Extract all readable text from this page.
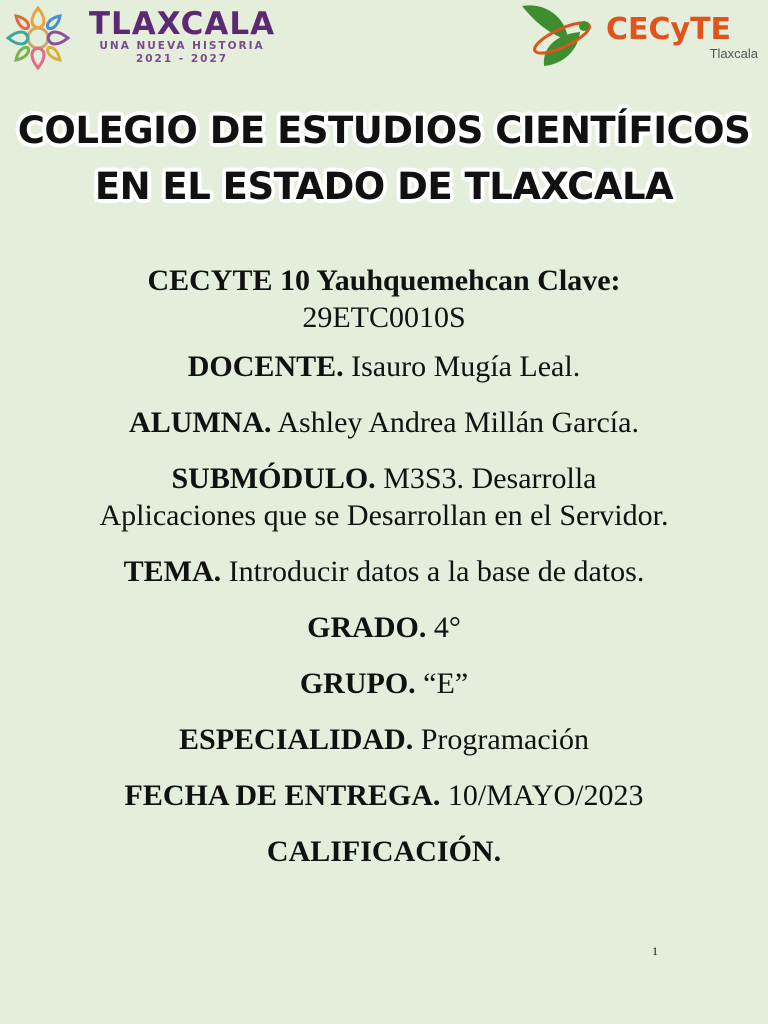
TLAXCALA
UNA NUEVA HISTORIA
2021 - 2027
CECyTE
Tlaxcala
COLEGIO DE ESTUDIOS CIENTÍFICOS
EN EL ESTADO DE TLAXCALA
CECYTE 10 Yauhquemehcan Clave:
29ETC0010S
DOCENTE. Isauro Mugía Leal.
ALUMNA. Ashley Andrea Millán García.
SUBMÓDULO. M3S3. Desarrolla
Aplicaciones que se Desarrollan en el Servidor.
TEMA. Introducir datos a la base de datos.
GRADO. 4°
GRUPO. “E”
ESPECIALIDAD. Programación
FECHA DE ENTREGA. 10/MAYO/2023
CALIFICACIÓN.
1
